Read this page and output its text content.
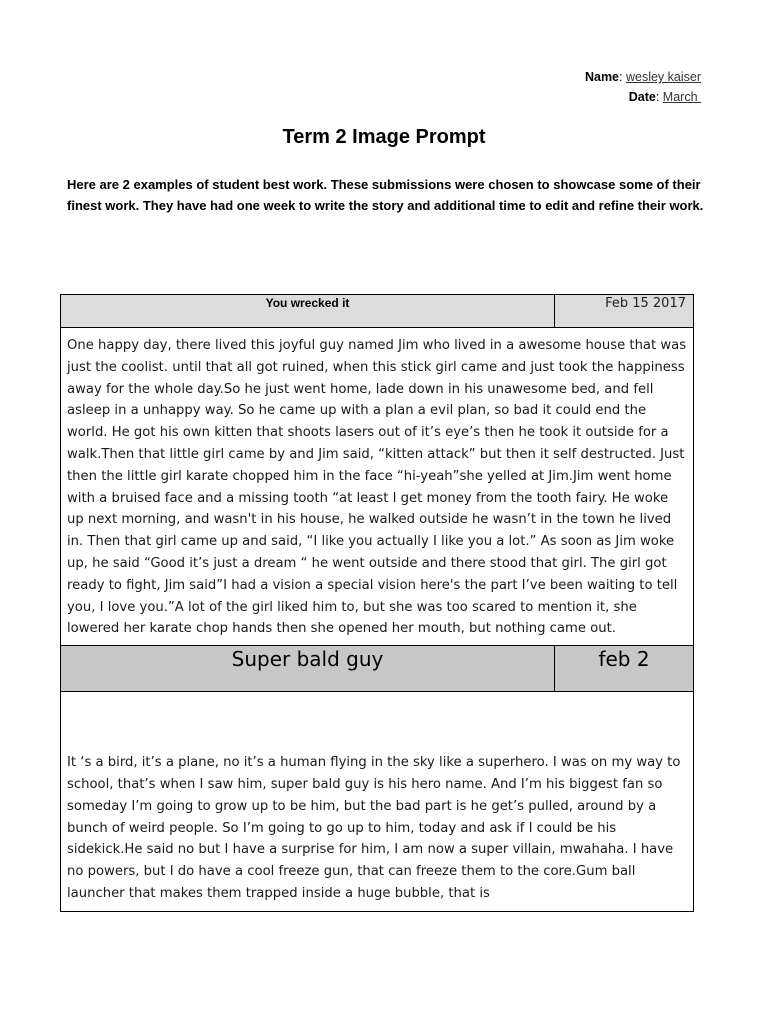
Name: wesley kaiser
Date: March
Term 2 Image Prompt
Here are 2 examples of student best work. These submissions were chosen to showcase some of their finest work. They have had one week to write the story and additional time to edit and refine their work.
You wrecked it	Feb 15 2017
One happy day, there lived this joyful guy named Jim who lived in a awesome house that was just the coolist. until that all got ruined, when this stick girl came and just took the happiness away for the whole day.So he just went home, lade down in his unawesome bed, and fell asleep in a unhappy way. So he came up with a plan a evil plan, so bad it could end the world. He got his own kitten that shoots lasers out of it’s eye’s then he took it outside for a walk.Then that little girl came by and Jim said, “kitten attack” but then it self destructed. Just then the little girl karate chopped him in the face “hi-yeah”she yelled at Jim.Jim went home with a bruised face and a missing tooth “at least I get money from the tooth fairy. He woke up next morning, and wasn't in his house, he walked outside he wasn’t in the town he lived in. Then that girl came up and said, “I like you actually I like you a lot.” As soon as Jim woke up, he said “Good it’s just a dream “ he went outside and there stood that girl. The girl got ready to fight, Jim said”I had a vision a special vision here's the part I’ve been waiting to tell you, I love you.”A lot of the girl liked him to, but she was too scared to mention it, she lowered her karate chop hands then she opened her mouth, but nothing came out.	
Super bald guy	feb 2
It ‘s a bird, it’s a plane, no it’s a human flying in the sky like a superhero. I was on my way to school, that’s when I saw him, super bald guy is his hero name. And I’m his biggest fan so someday I’m going to grow up to be him, but the bad part is he get’s pulled, around by a bunch of weird people. So I’m going to go up to him, today and ask if I could be his sidekick.He said no but I have a surprise for him, I am now a super villain, mwahaha. I have no powers, but I do have a cool freeze gun, that can freeze them to the core.Gum ball launcher that makes them trapped inside a huge bubble, that is	
